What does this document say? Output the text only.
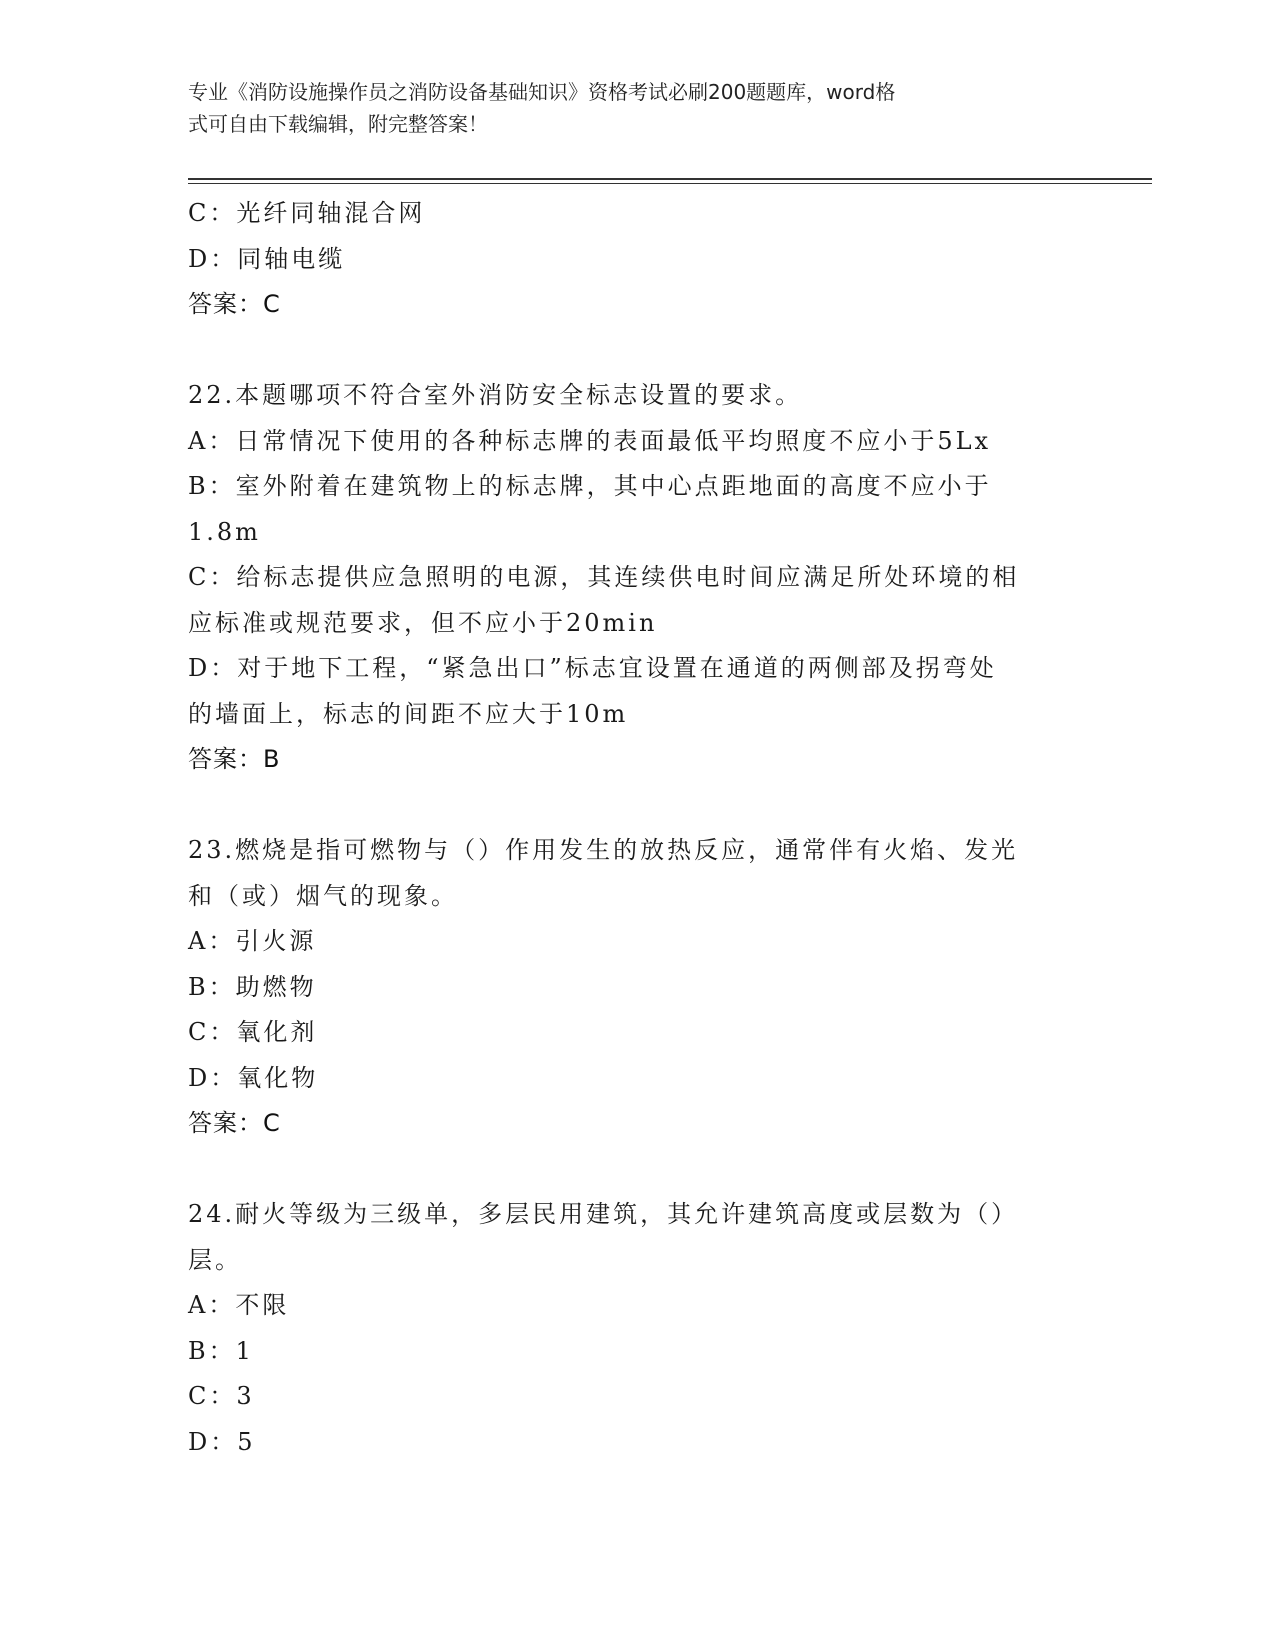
专业《消防设施操作员之消防设备基础知识》资格考试必刷200题题库，word格
式可自由下载编辑，附完整答案！

C：光纤同轴混合网

D：同轴电缆

答案：C

22.本题哪项不符合室外消防安全标志设置的要求。

A：日常情况下使用的各种标志牌的表面最低平均照度不应小于5Lx

B：室外附着在建筑物上的标志牌，其中心点距地面的高度不应小于

1.8m

C：给标志提供应急照明的电源，其连续供电时间应满足所处环境的相

应标准或规范要求，但不应小于20min

D：对于地下工程，“紧急出口”标志宜设置在通道的两侧部及拐弯处

的墙面上，标志的间距不应大于10m

答案：B

23.燃烧是指可燃物与（）作用发生的放热反应，通常伴有火焰、发光

和（或）烟气的现象。

A：引火源

B：助燃物

C：氧化剂

D：氧化物

答案：C

24.耐火等级为三级单，多层民用建筑，其允许建筑高度或层数为（）

层。

A：不限

B：1

C：3

D：5
